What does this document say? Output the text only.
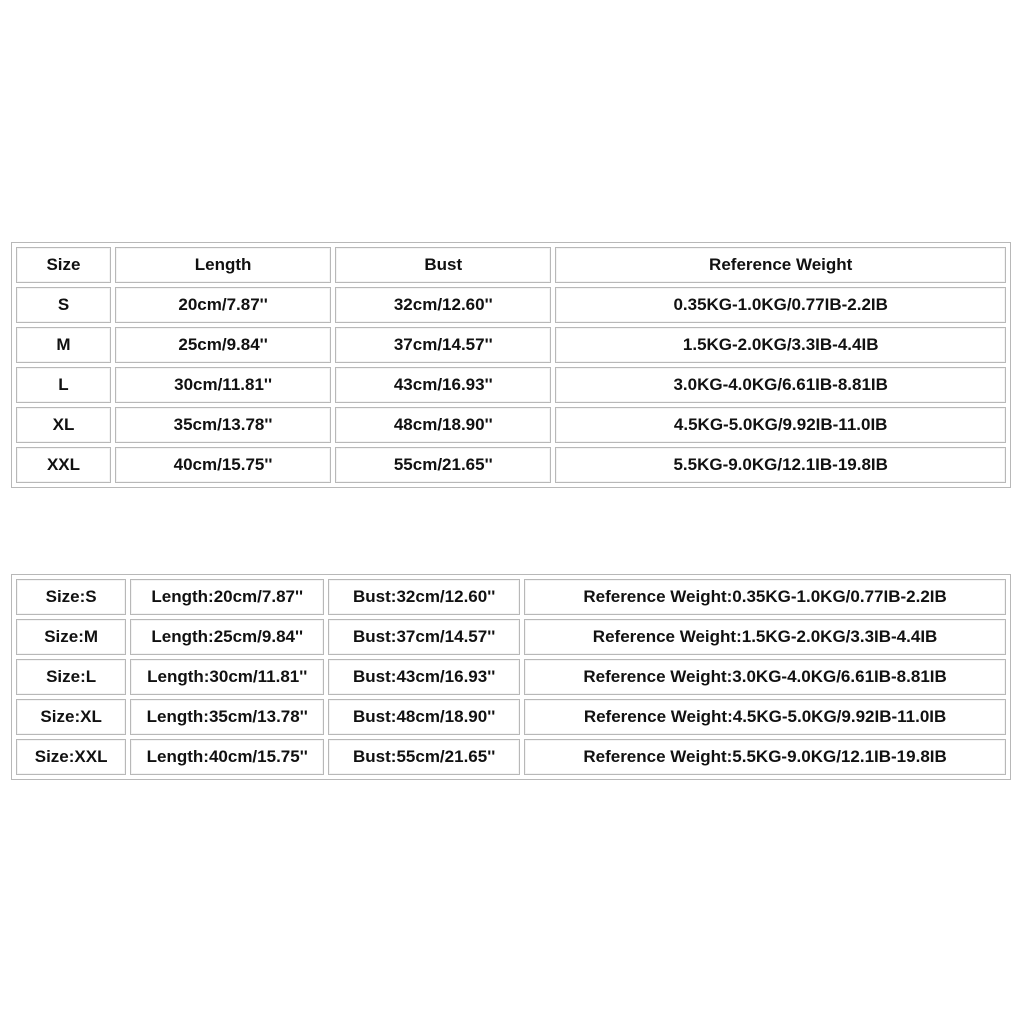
Size	Length	Bust	Reference Weight
S	20cm/7.87''	32cm/12.60''	0.35KG-1.0KG/0.77IB-2.2IB
M	25cm/9.84''	37cm/14.57''	1.5KG-2.0KG/3.3IB-4.4IB
L	30cm/11.81''	43cm/16.93''	3.0KG-4.0KG/6.61IB-8.81IB
XL	35cm/13.78''	48cm/18.90''	4.5KG-5.0KG/9.92IB-11.0IB
XXL	40cm/15.75''	55cm/21.65''	5.5KG-9.0KG/12.1IB-19.8IB
Size:S	Length:20cm/7.87''	Bust:32cm/12.60''	Reference Weight:0.35KG-1.0KG/0.77IB-2.2IB
Size:M	Length:25cm/9.84''	Bust:37cm/14.57''	Reference Weight:1.5KG-2.0KG/3.3IB-4.4IB
Size:L	Length:30cm/11.81''	Bust:43cm/16.93''	Reference Weight:3.0KG-4.0KG/6.61IB-8.81IB
Size:XL	Length:35cm/13.78''	Bust:48cm/18.90''	Reference Weight:4.5KG-5.0KG/9.92IB-11.0IB
Size:XXL	Length:40cm/15.75''	Bust:55cm/21.65''	Reference Weight:5.5KG-9.0KG/12.1IB-19.8IB
